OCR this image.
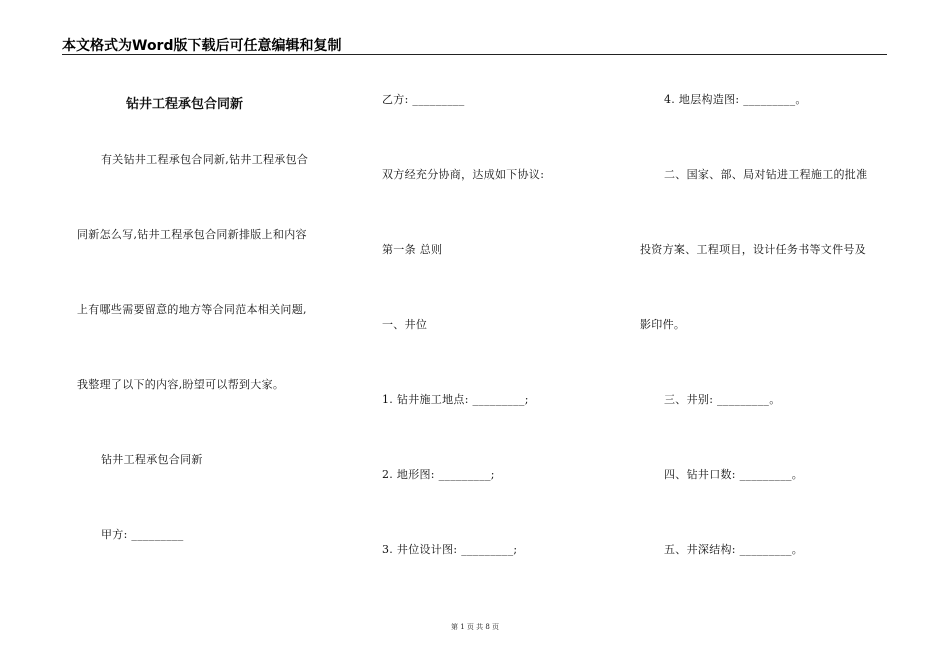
本文格式为Word版下载后可任意编辑和复制
钻井工程承包合同新
有关钻井工程承包合同新,钻井工程承包合
同新怎么写,钻井工程承包合同新排版上和内容
上有哪些需要留意的地方等合同范本相关问题,
我整理了以下的内容,盼望可以帮到大家。
钻井工程承包合同新
甲方: _________
乙方: _________
双方经充分协商，达成如下协议:
第一条 总则
一、井位
1. 钻井施工地点: _________;
2. 地形图: _________;
3. 井位设计图: _________;
4. 地层构造图: _________。
二、国家、部、局对钻进工程施工的批准
投资方案、工程项目，设计任务书等文件号及
影印件。
三、井别: _________。
四、钻井口数: _________。
五、井深结构: _________。
第 1 页 共 8 页
